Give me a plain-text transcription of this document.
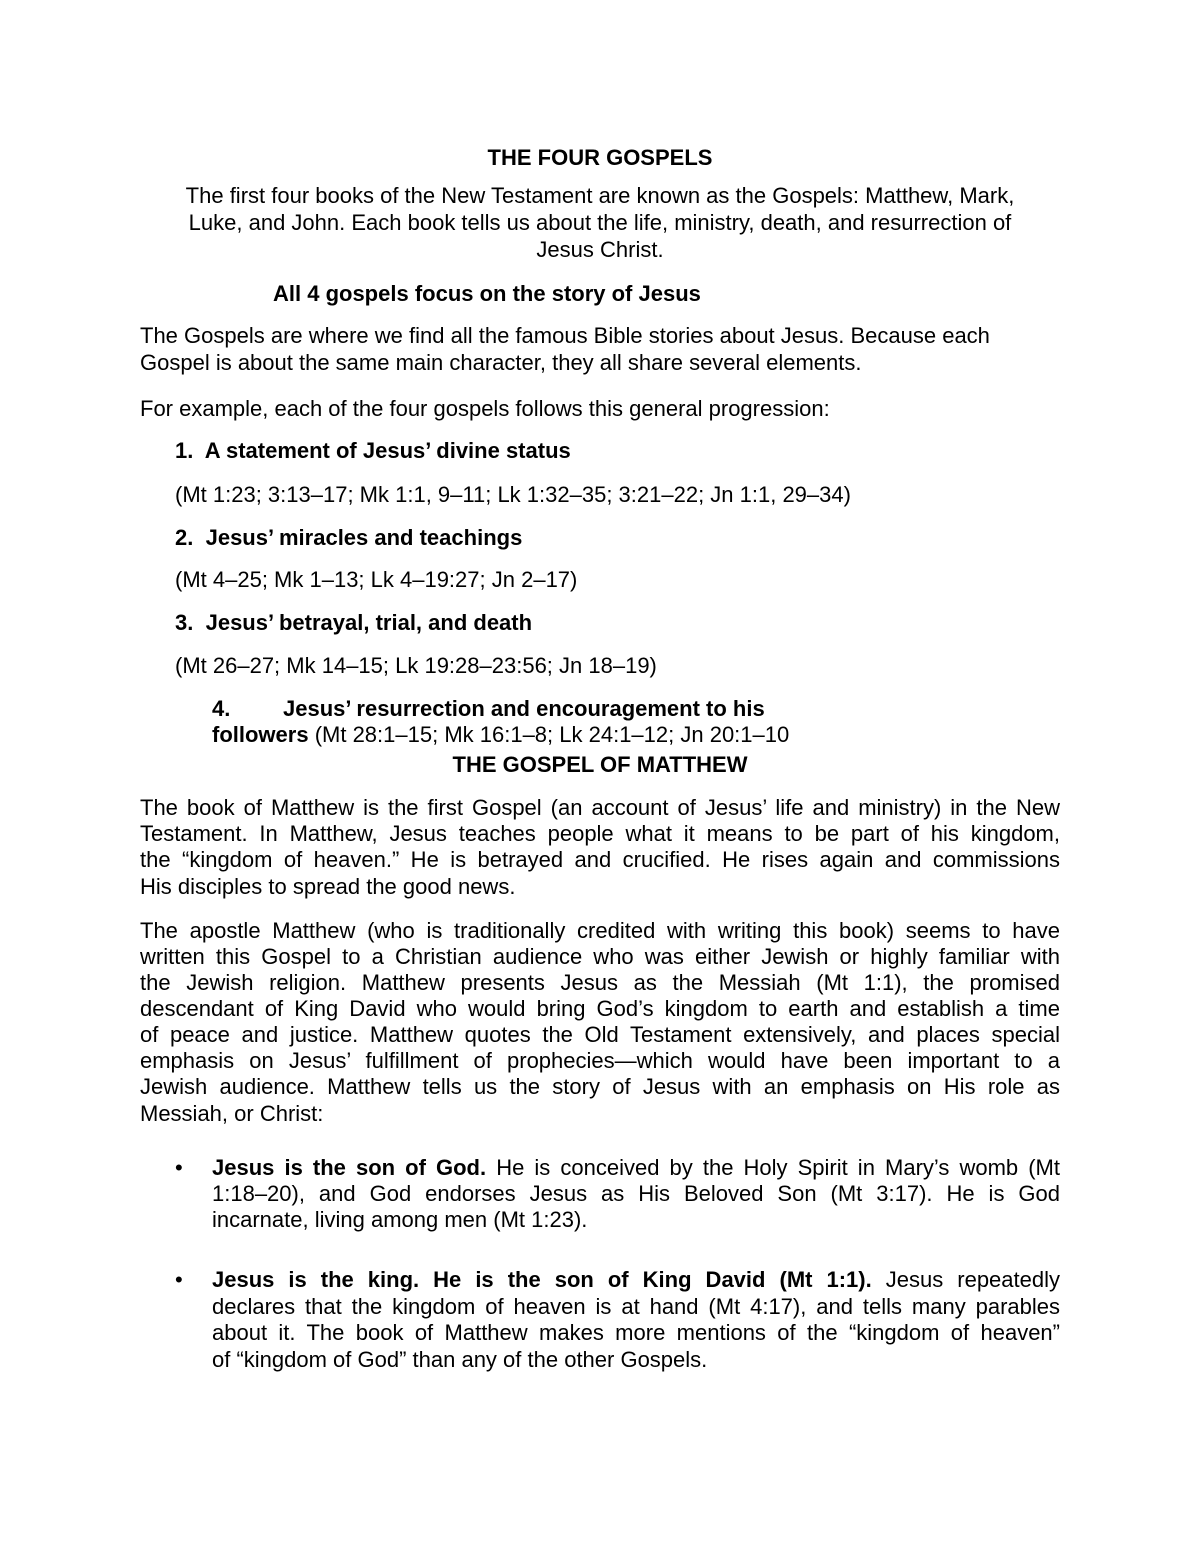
THE FOUR GOSPELS
The first four books of the New Testament are known as the Gospels: Matthew, Mark,
Luke, and John. Each book tells us about the life, ministry, death, and resurrection of
Jesus Christ.
All 4 gospels focus on the story of Jesus
The Gospels are where we find all the famous Bible stories about Jesus. Because each
Gospel is about the same main character, they all share several elements.
For example, each of the four gospels follows this general progression:
1. A statement of Jesus’ divine status
(Mt 1:23; 3:13–17; Mk 1:1, 9–11; Lk 1:32–35; 3:21–22; Jn 1:1, 29–34)
2. Jesus’ miracles and teachings
(Mt 4–25; Mk 1–13; Lk 4–19:27; Jn 2–17)
3. Jesus’ betrayal, trial, and death
(Mt 26–27; Mk 14–15; Lk 19:28–23:56; Jn 18–19)
4. Jesus’ resurrection and encouragement to his
followers (Mt 28:1–15; Mk 16:1–8; Lk 24:1–12; Jn 20:1–10
THE GOSPEL OF MATTHEW
The book of Matthew is the first Gospel (an account of Jesus’ life and ministry) in the New
Testament. In Matthew, Jesus teaches people what it means to be part of his kingdom,
the “kingdom of heaven.” He is betrayed and crucified. He rises again and commissions
His disciples to spread the good news.
The apostle Matthew (who is traditionally credited with writing this book) seems to have
written this Gospel to a Christian audience who was either Jewish or highly familiar with
the Jewish religion. Matthew presents Jesus as the Messiah (Mt 1:1), the promised
descendant of King David who would bring God’s kingdom to earth and establish a time
of peace and justice. Matthew quotes the Old Testament extensively, and places special
emphasis on Jesus’ fulfillment of prophecies—which would have been important to a
Jewish audience. Matthew tells us the story of Jesus with an emphasis on His role as
Messiah, or Christ:
• Jesus is the son of God. He is conceived by the Holy Spirit in Mary’s womb (Mt
1:18–20), and God endorses Jesus as His Beloved Son (Mt 3:17). He is God
incarnate, living among men (Mt 1:23).
• Jesus is the king. He is the son of King David (Mt 1:1). Jesus repeatedly
declares that the kingdom of heaven is at hand (Mt 4:17), and tells many parables
about it. The book of Matthew makes more mentions of the “kingdom of heaven”
of “kingdom of God” than any of the other Gospels.
